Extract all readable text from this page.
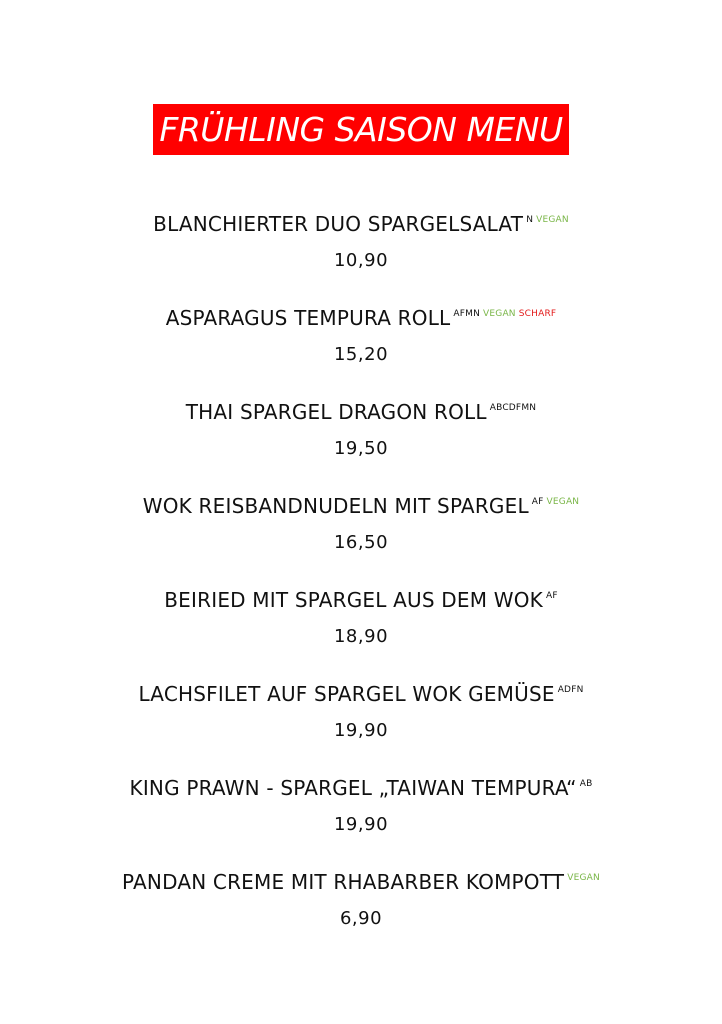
FRÜHLING SAISON MENU
BLANCHIERTER DUO SPARGELSALAT $^{N VEGAN}$
10,90
ASPARAGUS TEMPURA ROLL $^{AFMN VEGAN SCHARF}$
15,20
THAI SPARGEL DRAGON ROLL $^{ABCDFMN}$
19,50
WOK REISBANDNUDELN MIT SPARGEL $^{AF VEGAN}$
16,50
BEIRIED MIT SPARGEL AUS DEM WOK $^{AF}$
18,90
LACHSFILET AUF SPARGEL WOK GEMÜSE $^{ADFN}$
19,90
KING PRAWN - SPARGEL „TAIWAN TEMPURA“ $^{AB}$
19,90
PANDAN CREME MIT RHABARBER KOMPOTT $^{VEGAN}$
6,90
